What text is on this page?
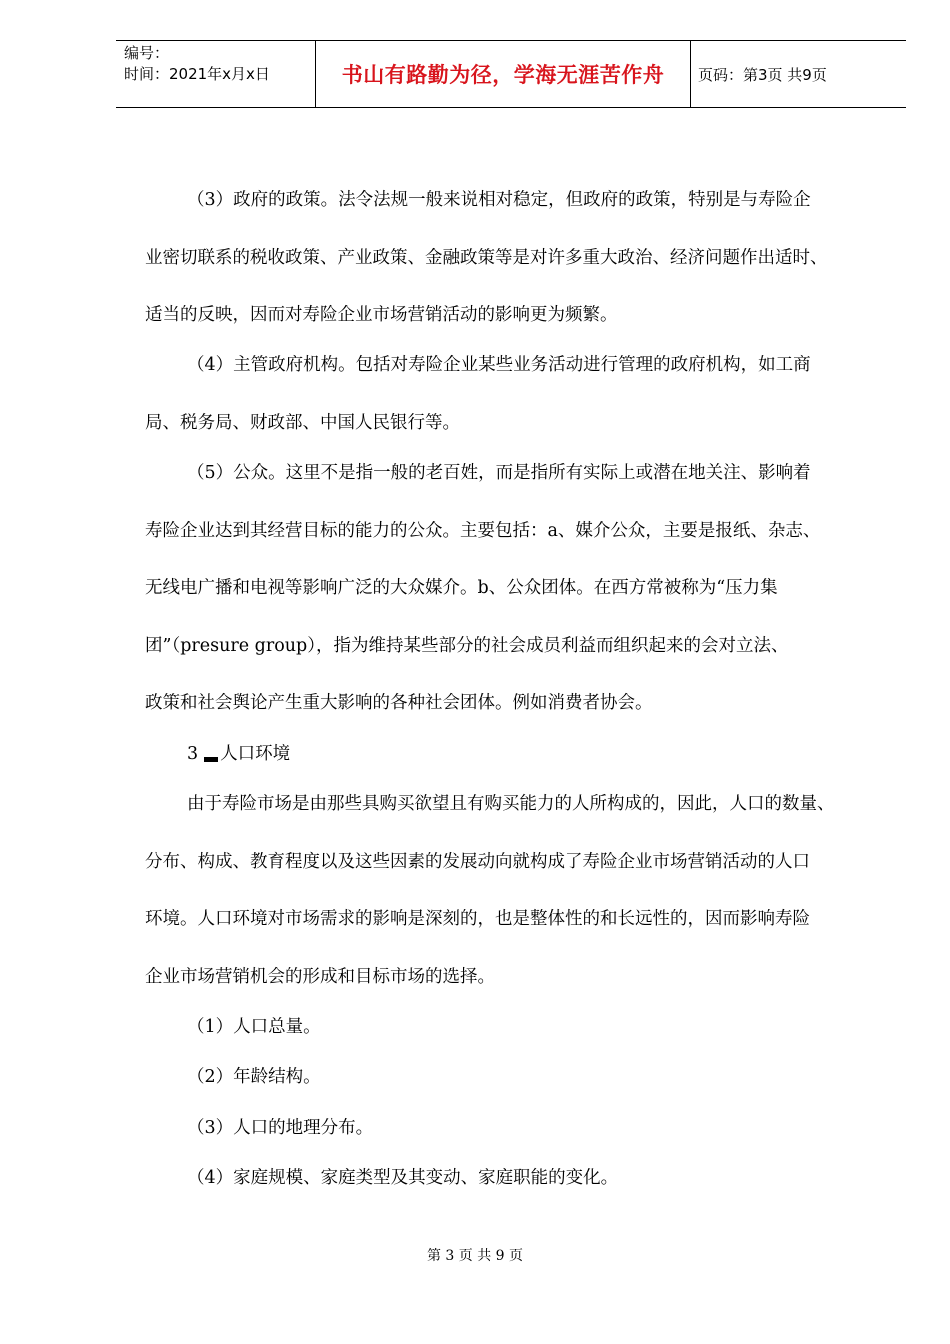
编号：
时间：2021年x月x日	书山有路勤为径，学海无涯苦作舟	页码：第3页 共9页
（3）政府的政策。法令法规一般来说相对稳定，但政府的政策，特别是与寿险企
业密切联系的税收政策、产业政策、金融政策等是对许多重大政治、经济问题作出适时、
适当的反映，因而对寿险企业市场营销活动的影响更为频繁。
（4）主管政府机构。包括对寿险企业某些业务活动进行管理的政府机构，如工商
局、税务局、财政部、中国人民银行等。
（5）公众。这里不是指一般的老百姓，而是指所有实际上或潜在地关注、影响着
寿险企业达到其经营目标的能力的公众。主要包括：a、媒介公众，主要是报纸、杂志、
无线电广播和电视等影响广泛的大众媒介。b、公众团体。在西方常被称为“压力集
团”（presure group），指为维持某些部分的社会成员利益而组织起来的会对立法、
政策和社会舆论产生重大影响的各种社会团体。例如消费者协会。
3 人口环境
由于寿险市场是由那些具购买欲望且有购买能力的人所构成的，因此，人口的数量、
分布、构成、教育程度以及这些因素的发展动向就构成了寿险企业市场营销活动的人口
环境。人口环境对市场需求的影响是深刻的，也是整体性的和长远性的，因而影响寿险
企业市场营销机会的形成和目标市场的选择。
（1）人口总量。
（2）年龄结构。
（3）人口的地理分布。
（4）家庭规模、家庭类型及其变动、家庭职能的变化。
第 3 页 共 9 页
